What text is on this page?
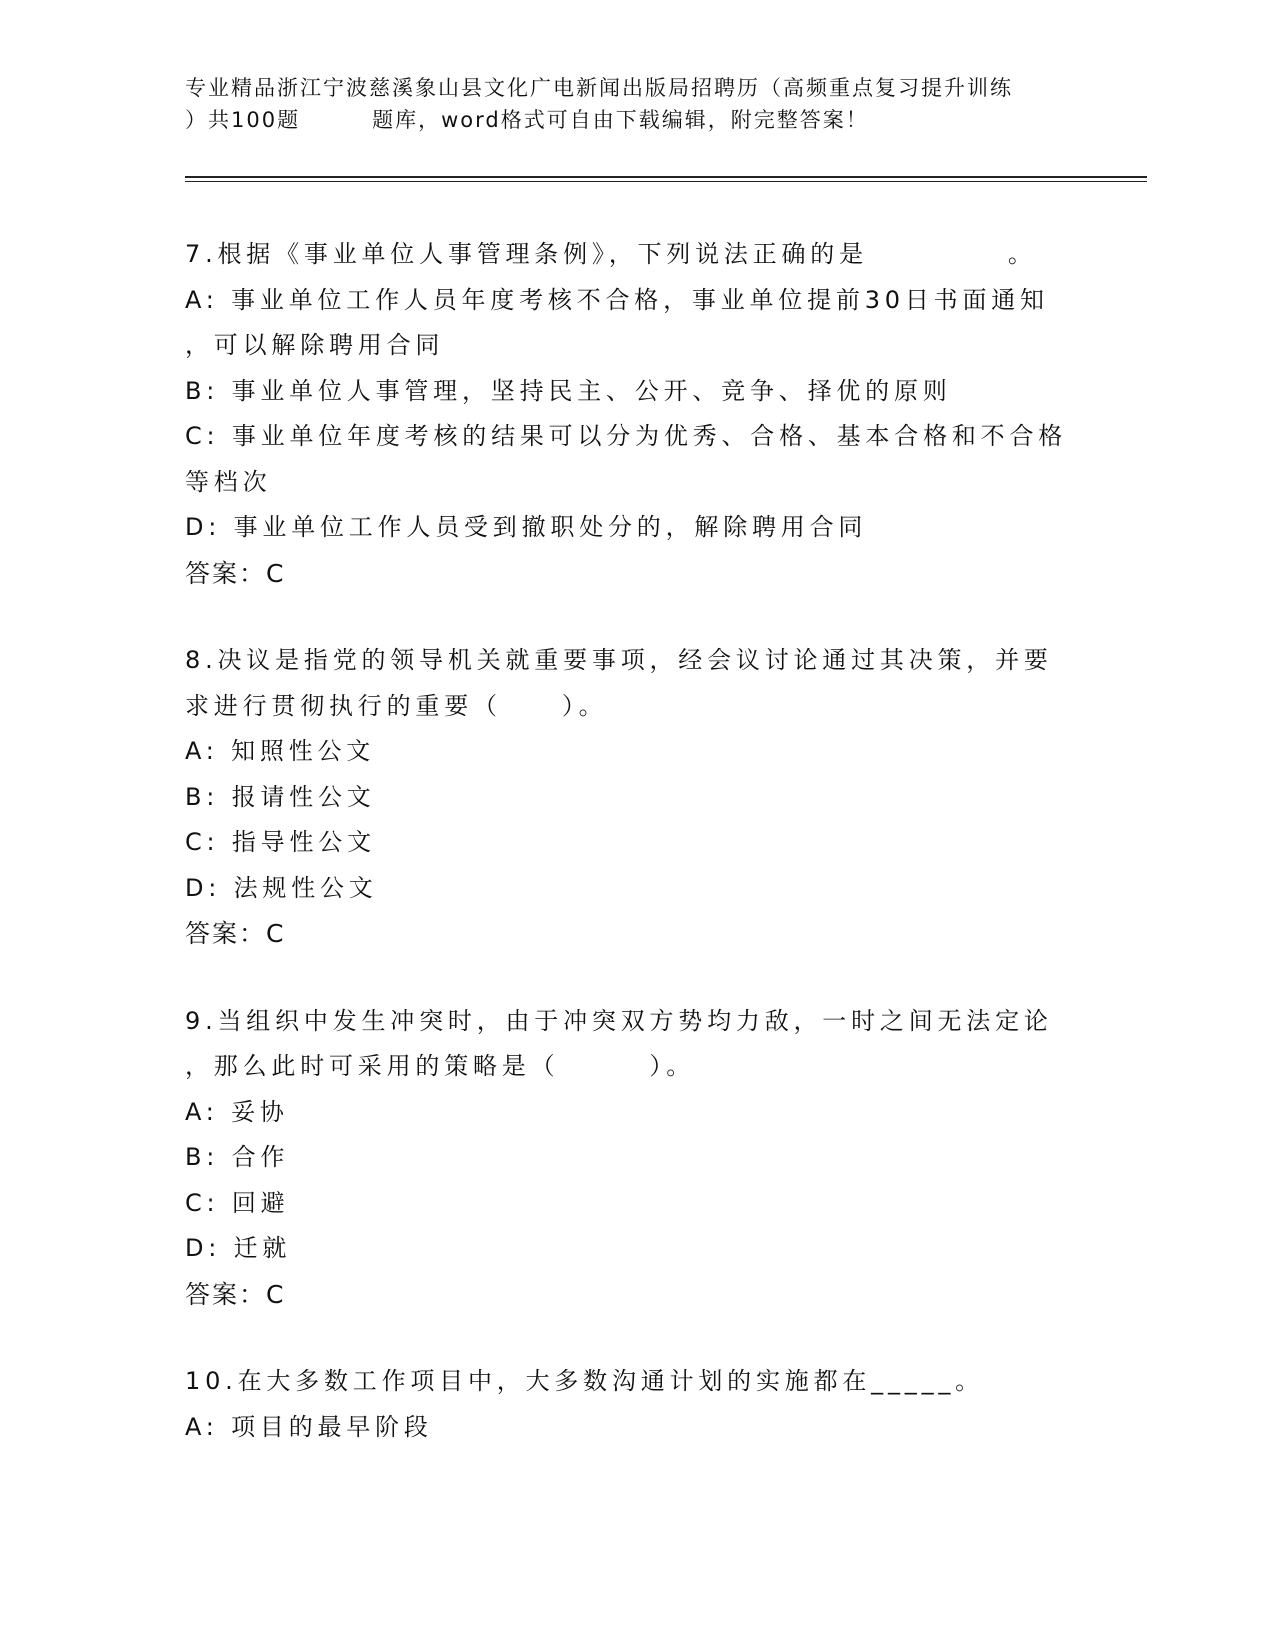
专业精品浙江宁波慈溪象山县文化广电新闻出版局招聘历（高频重点复习提升训练
）共100题	题库，word格式可自由下载编辑，附完整答案！

7.根据《事业单位人事管理条例》，下列说法正确的是	。

A: 事业单位工作人员年度考核不合格，事业单位提前30日书面通知

，可以解除聘用合同

B: 事业单位人事管理，坚持民主、公开、竞争、择优的原则

C: 事业单位年度考核的结果可以分为优秀、合格、基本合格和不合格

等档次

D: 事业单位工作人员受到撤职处分的，解除聘用合同

答案：C

8.决议是指党的领导机关就重要事项，经会议讨论通过其决策，并要

求进行贯彻执行的重要（	）。

A: 知照性公文

B: 报请性公文

C: 指导性公文

D: 法规性公文

答案：C

9.当组织中发生冲突时，由于冲突双方势均力敌，一时之间无法定论

，那么此时可采用的策略是（	）。

A: 妥协

B: 合作

C: 回避

D: 迁就

答案：C

10.在大多数工作项目中，大多数沟通计划的实施都在_____。

A: 项目的最早阶段
